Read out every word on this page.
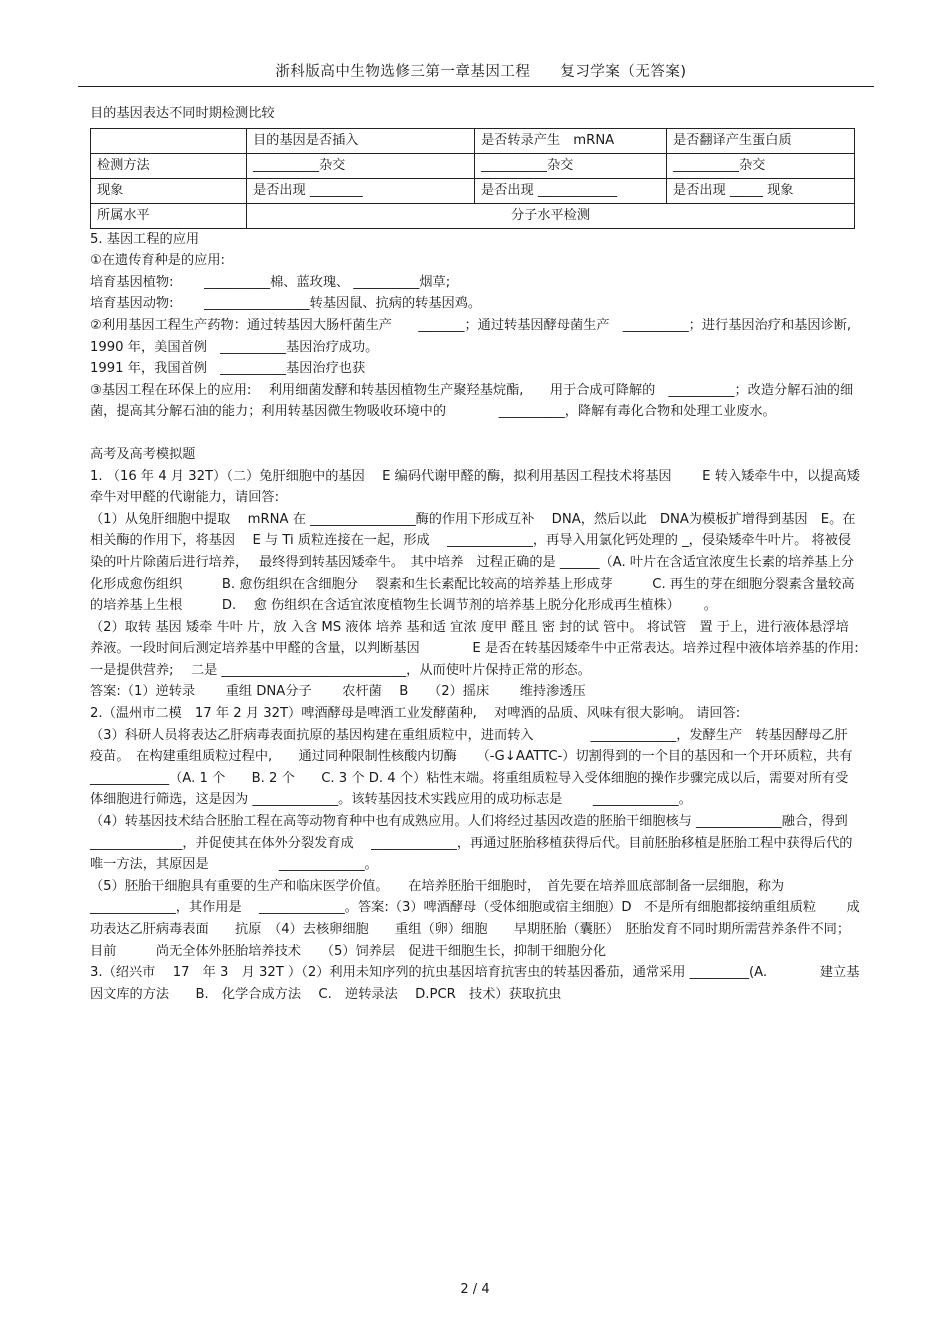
浙科版高中生物选修三第一章基因工程　　复习学案（无答案)

目的基因表达不同时期检测比较

	目的基因是否插入	是否转录产生　mRNA	是否翻译产生蛋白质
检测方法	__________杂交	__________杂交	__________杂交
现象	是否出现 ________	是否出现 ____________	是否出现 _____ 现象
所属水平	分子水平检测		

5. 基因工程的应用

①在遗传育种是的应用:

培育基因植物:　　 __________棉、蓝玫瑰、 __________烟草;

培育基因动物:　　 ________________转基因鼠、抗病的转基因鸡。

②利用基因工程生产药物：通过转基因大肠杆菌生产　　_______；通过转基因酵母菌生产　__________；进行基因治疗和基因诊断,　 1990 年，美国首例　__________基因治疗成功。

1991 年，我国首例　__________基因治疗也获

③基因工程在环保上的应用:　 利用细菌发酵和转基因植物生产聚羟基烷酯,　　用于合成可降解的　__________；改造分解石油的细菌，提高其分解石油的能力；利用转基因微生物吸收环境中的　　　　__________，降解有毒化合物和处理工业废水。

高考及高考模拟题

1. （16 年 4 月 32T）（二）兔肝细胞中的基因　 E 编码代谢甲醛的酶，拟利用基因工程技术将基因　　 E 转入矮牵牛中，以提高矮牵牛对甲醛的代谢能力，请回答:

（1）从兔肝细胞中提取　 mRNA 在 ________________酶的作用下形成互补　 DNA，然后以此　DNA为模板扩增得到基因　E。在相关酶的作用下，将基因　 E 与 Ti 质粒连接在一起，形成　 _____________，再导入用氯化钙处理的 _，侵染矮牵牛叶片。 将被侵染的叶片除菌后进行培养，　 最终得到转基因矮牵牛。　其中培养　过程正确的是 ______（A. 叶片在含适宜浓度生长素的培养基上分化形成愈伤组织　　　B. 愈伤组织在含细胞分　 裂素和生长素配比较高的培养基上形成芽　　　C. 再生的芽在细胞分裂素含量较高的培养基上生根　　　D.　 愈 伤组织在含适宜浓度植物生长调节剂的培养基上脱分化形成再生植株）　　 。

（2）取转 基因 矮牵 牛叶 片，放 入含 MS 液体 培养 基和适 宜浓 度甲 醛且 密 封的试 管中。 将试管　置 于上，进行液体悬浮培养液。一段时间后测定培养基中甲醛的含量，以判断基因　　　　E 是否在转基因矮牵牛中正常表达。培养过程中液体培养基的作用:　　一是提供营养;　 二是 ____________________________，从而使叶片保持正常的形态。

答案:（1）逆转录　　 重组 DNA分子　　 农杆菌　 B　　（2）摇床　　 维持渗透压

2.（温州市二模　17 年 2 月 32T）啤酒酵母是啤酒工业发酵菌种,　 对啤酒的品质、风味有很大影响。 请回答:

（3）科研人员将表达乙肝病毒表面抗原的基因构建在重组质粒中，进而转入　　　　 _____________，发酵生产　转基因酵母乙肝疫苗。　在构建重组质粒过程中,　　通过同种限制性核酸内切酶　　（-G↓AATTC-）切割得到的一个目的基因和一个开环质粒，共有　　 ____________（A. 1 个　　B. 2 个　　C. 3 个 D. 4 个）粘性末端。将重组质粒导入受体细胞的操作步骤完成以后，需要对所有受体细胞进行筛选，这是因为 _____________。该转基因技术实践应用的成功标志是　　 _____________。

（4）转基因技术结合胚胎工程在高等动物育种中也有成熟应用。人们将经过基因改造的胚胎干细胞核与 _____________融合，得到　 ______________，并促使其在体外分裂发育成　 _____________，再通过胚胎移植获得后代。目前胚胎移植是胚胎工程中获得后代的唯一方法，其原因是　　　　　 _____________。

（5）胚胎干细胞具有重要的生产和临床医学价值。　　在培养胚胎干细胞时，　首先要在培养皿底部制备一层细胞，称为　 _____________，其作用是　 _____________。答案:（3）啤酒酵母（受体细胞或宿主细胞）D　不是所有细胞都接纳重组质粒　　 成功表达乙肝病毒表面　　抗原　（4）去核卵细胞　　重组（卵）细胞　　早期胚胎（囊胚）　胚胎发育不同时期所需营养条件不同；目前　　　尚无全体外胚胎培养技术　　（5）饲养层　促进干细胞生长，抑制干细胞分化

3.（绍兴市　 17　年 3　月 32T ）（2）利用未知序列的抗虫基因培育抗害虫的转基因番茄，通常采用 _________(A.　　　　建立基因文库的方法　　B.　化学合成方法　 C.　逆转录法　 D.PCR　技术）获取抗虫

2 / 4
